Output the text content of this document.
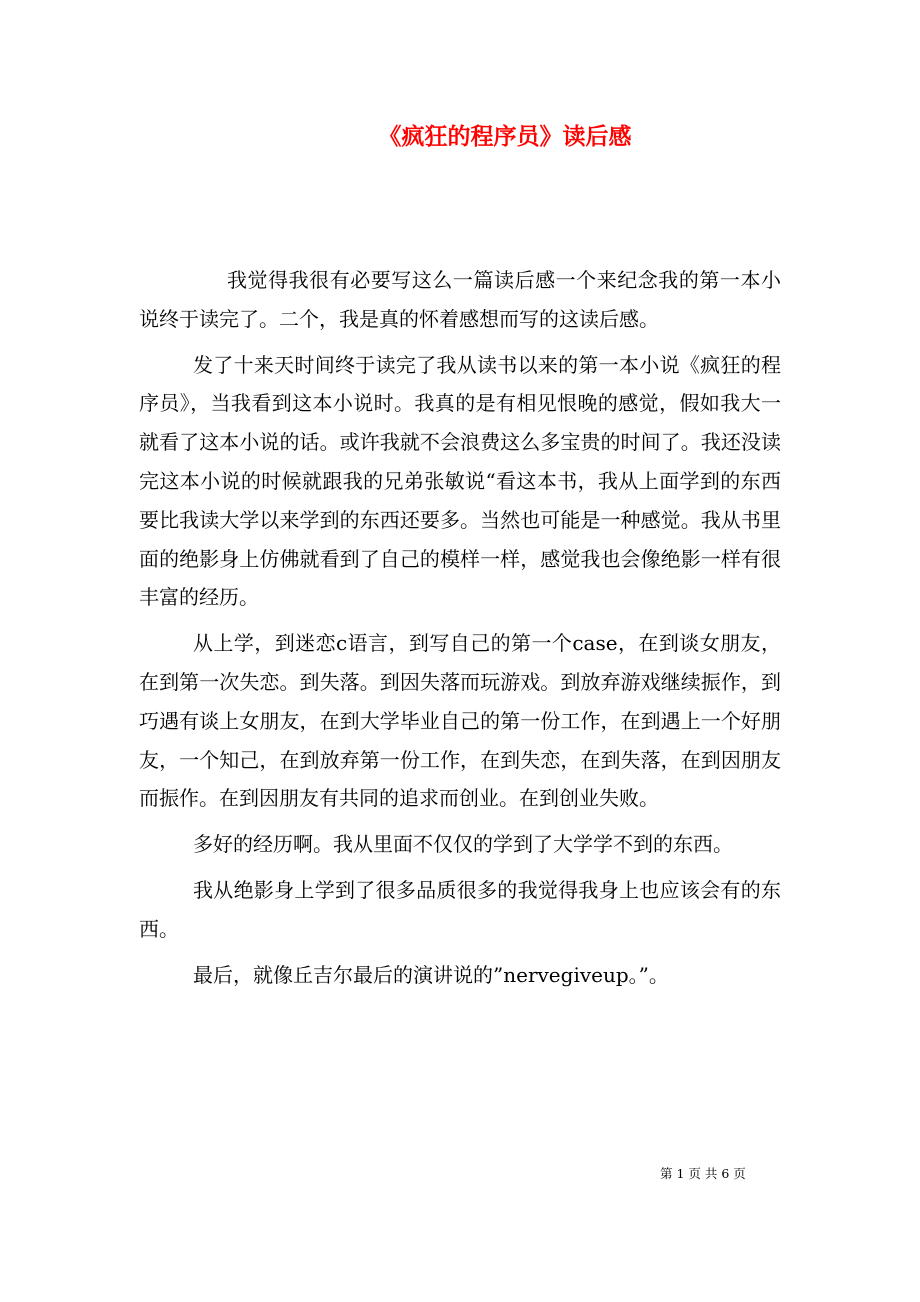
《疯狂的程序员》读后感

我觉得我很有必要写这么一篇读后感一个来纪念我的第一本小说终于读完了。二个，我是真的怀着感想而写的这读后感。

发了十来天时间终于读完了我从读书以来的第一本小说《疯狂的程序员》，当我看到这本小说时。我真的是有相见恨晚的感觉，假如我大一就看了这本小说的话。或许我就不会浪费这么多宝贵的时间了。我还没读完这本小说的时候就跟我的兄弟张敏说“看这本书，我从上面学到的东西要比我读大学以来学到的东西还要多。当然也可能是一种感觉。我从书里面的绝影身上仿佛就看到了自己的模样一样，感觉我也会像绝影一样有很丰富的经历。

从上学，到迷恋c语言，到写自己的第一个case，在到谈女朋友，在到第一次失恋。到失落。到因失落而玩游戏。到放弃游戏继续振作，到巧遇有谈上女朋友，在到大学毕业自己的第一份工作，在到遇上一个好朋友，一个知己，在到放弃第一份工作，在到失恋，在到失落，在到因朋友而振作。在到因朋友有共同的追求而创业。在到创业失败。

多好的经历啊。我从里面不仅仅的学到了大学学不到的东西。

我从绝影身上学到了很多品质很多的我觉得我身上也应该会有的东西。

最后，就像丘吉尔最后的演讲说的”nervegiveup。”。

第 1 页 共 6 页
